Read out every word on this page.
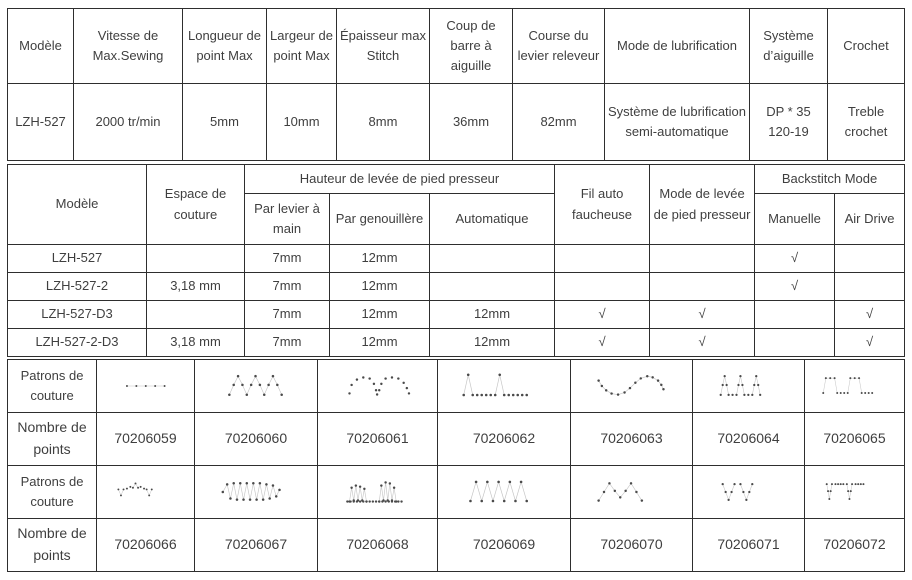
Modèle	Vitesse de Max.Sewing	Longueur de point Max	Largeur de point Max	Épaisseur max Stitch	Coup de barre à aiguille	Course du levier releveur	Mode de lubrification	Système d’aiguille	Crochet
LZH-527	2000 tr/min	5mm	10mm	8mm	36mm	82mm	Système de lubrification semi-automatique	DP * 35 120-19	Treble crochet
Modèle	Espace de couture	Hauteur de levée de pied presseur			Fil auto faucheuse	Mode de levée de pied presseur	Backstitch Mode	
		Par levier à main	Par genouillère	Automatique			Manuelle	Air Drive
LZH-527		7mm	12mm				√	
LZH-527-2	3,18 mm	7mm	12mm				√	
LZH-527-D3		7mm	12mm	12mm	√	√		√
LZH-527-2-D3	3,18 mm	7mm	12mm	12mm	√	√		√
Patrons de couture	

Nombre de points	70206059	70206060	70206061	70206062	70206063	70206064	70206065
Patrons de couture	

Nombre de points	70206066	70206067	70206068	70206069	70206070	70206071	70206072
